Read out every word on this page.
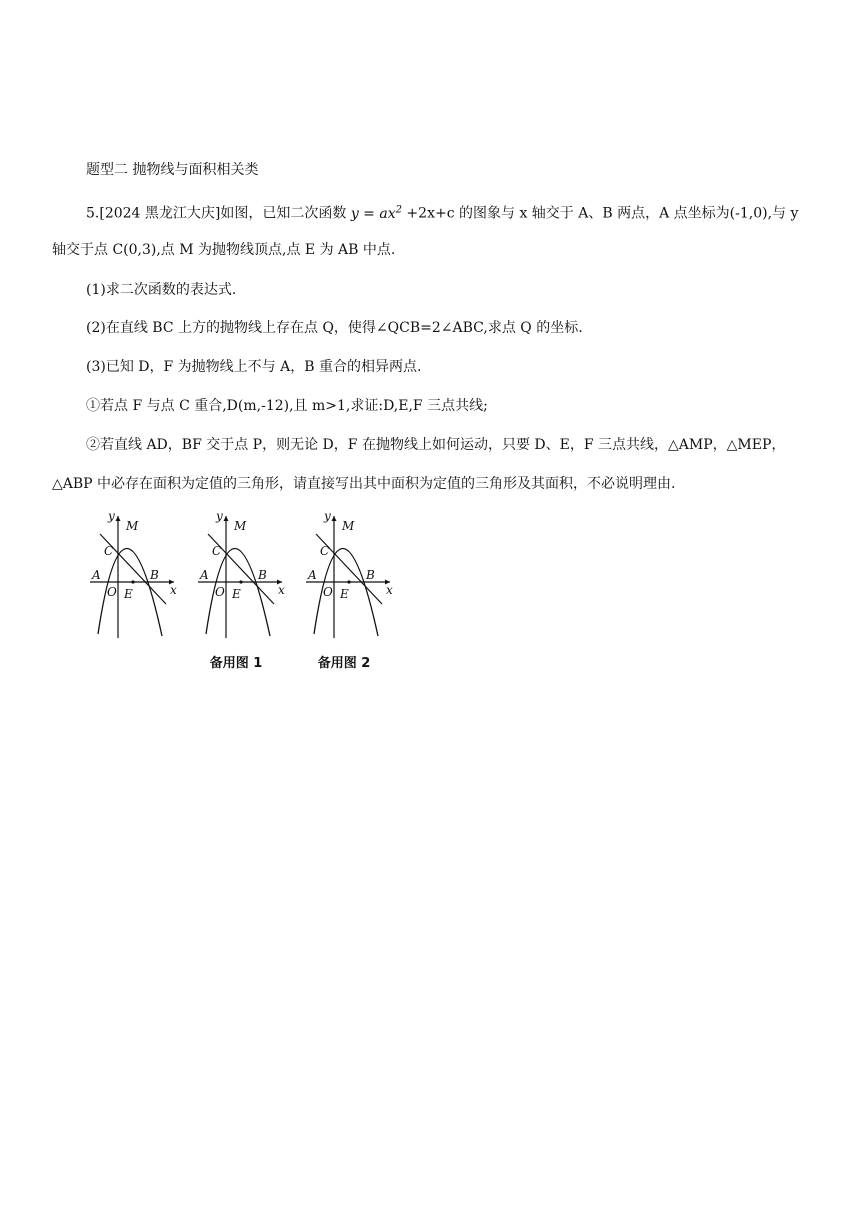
题型二 抛物线与面积相关类
5.[2024 黑龙江大庆]如图，已知二次函数 $y = ax^2 +2x+c$ 的图象与 x 轴交于 A、B 两点，A 点坐标为(-1,0),与 y
轴交于点 C(0,3),点 M 为抛物线顶点,点 E 为 AB 中点.
(1)求二次函数的表达式.
(2)在直线 BC 上方的抛物线上存在点 Q，使得∠QCB=2∠ABC,求点 Q 的坐标.
(3)已知 D，F 为抛物线上不与 A，B 重合的相异两点.
①若点 F 与点 C 重合,D(m,-12),且 m>1,求证:D,E,F 三点共线;
②若直线 AD，BF 交于点 P，则无论 D，F 在抛物线上如何运动，只要 D、E，F 三点共线，△AMP，△MEP，
△ABP 中必存在面积为定值的三角形，请直接写出其中面积为定值的三角形及其面积，不必说明理由.
y
M
C
A	B
O E	x
y
M
C
A	B
O E	x
y
M
C
A	B
O E	x
备用图 1	备用图 2
